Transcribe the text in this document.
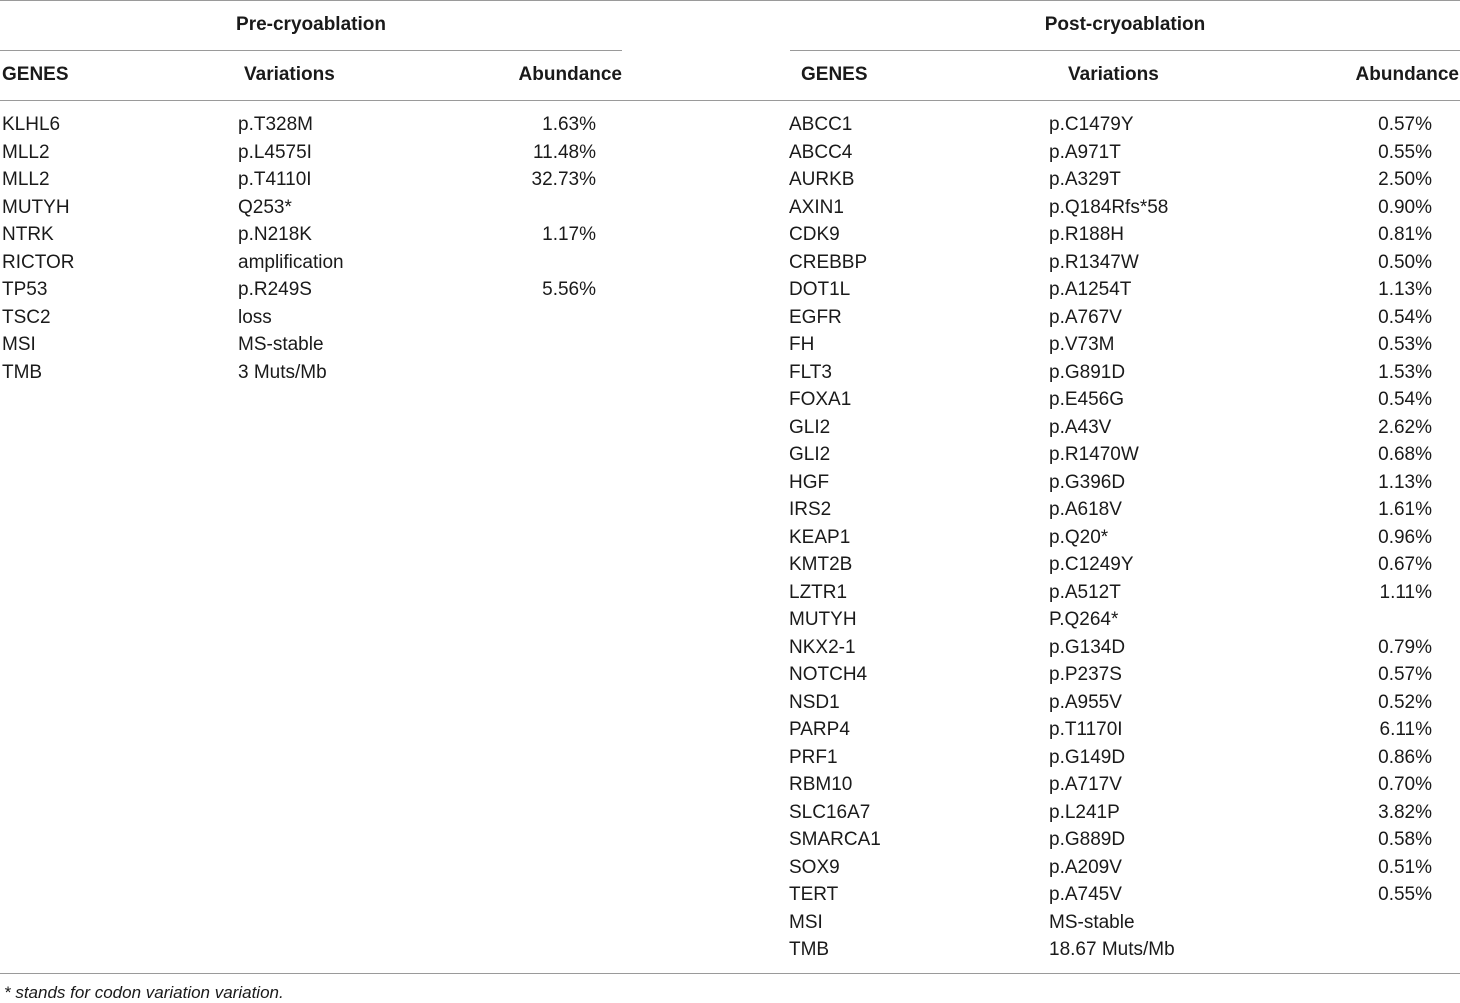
Pre-cryoablation	Post-cryoablation
GENES	Variations	Abundance	GENES	Variations	Abundance
KLHL6	p.T328M	1.63%
MLL2	p.L4575I	11.48%
MLL2	p.T4110I	32.73%
MUTYH	Q253*
NTRK	p.N218K	1.17%
RICTOR	amplification
TP53	p.R249S	5.56%
TSC2	loss
MSI	MS-stable
TMB	3 Muts/Mb
ABCC1	p.C1479Y	0.57%
ABCC4	p.A971T	0.55%
AURKB	p.A329T	2.50%
AXIN1	p.Q184Rfs*58	0.90%
CDK9	p.R188H	0.81%
CREBBP	p.R1347W	0.50%
DOT1L	p.A1254T	1.13%
EGFR	p.A767V	0.54%
FH	p.V73M	0.53%
FLT3	p.G891D	1.53%
FOXA1	p.E456G	0.54%
GLI2	p.A43V	2.62%
GLI2	p.R1470W	0.68%
HGF	p.G396D	1.13%
IRS2	p.A618V	1.61%
KEAP1	p.Q20*	0.96%
KMT2B	p.C1249Y	0.67%
LZTR1	p.A512T	1.11%
MUTYH	P.Q264*
NKX2-1	p.G134D	0.79%
NOTCH4	p.P237S	0.57%
NSD1	p.A955V	0.52%
PARP4	p.T1170I	6.11%
PRF1	p.G149D	0.86%
RBM10	p.A717V	0.70%
SLC16A7	p.L241P	3.82%
SMARCA1	p.G889D	0.58%
SOX9	p.A209V	0.51%
TERT	p.A745V	0.55%
MSI	MS-stable
TMB	18.67 Muts/Mb
* stands for codon variation variation.
